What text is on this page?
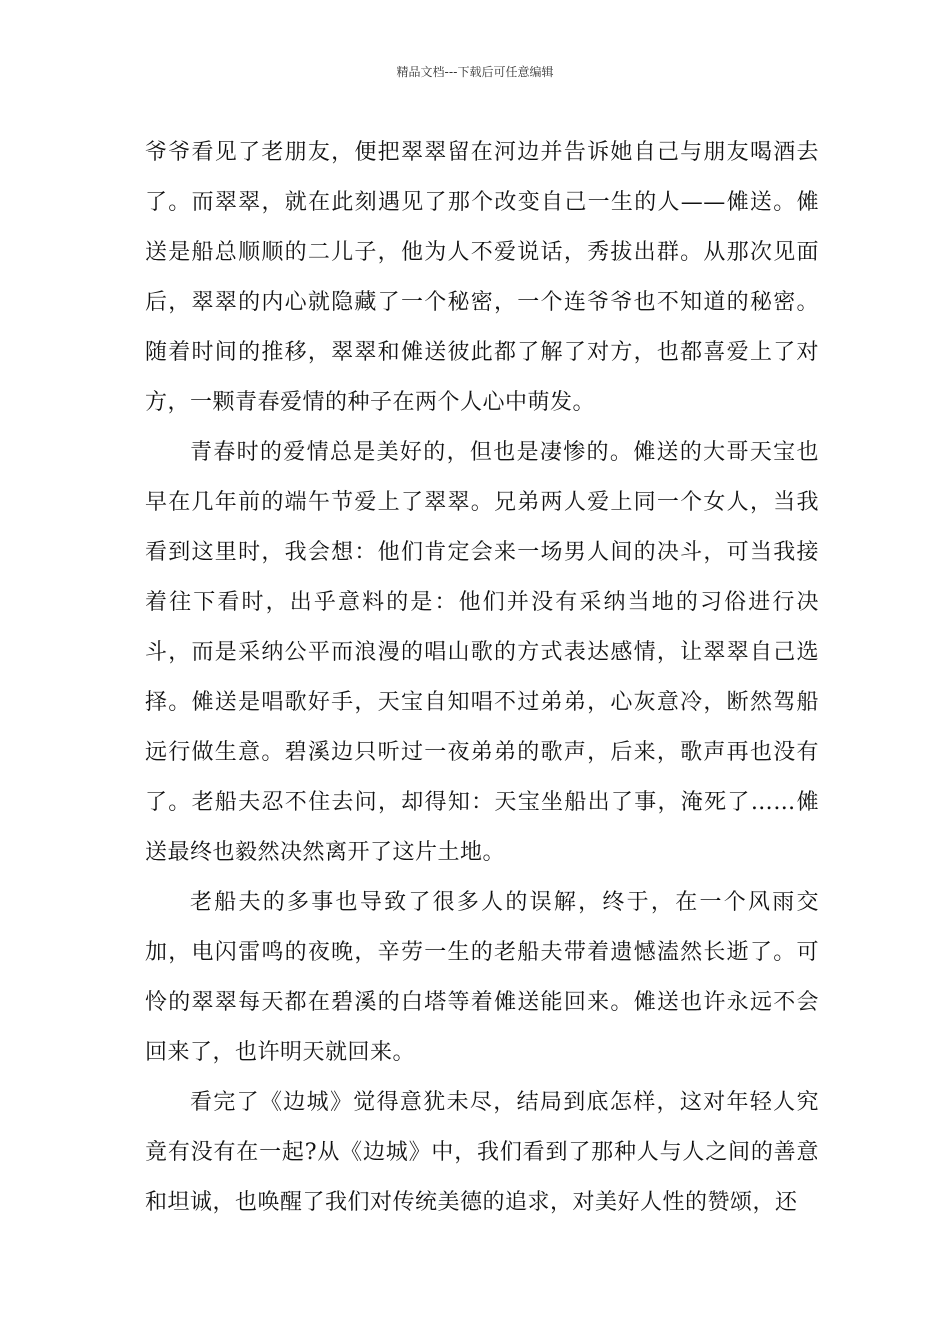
精品文档---下载后可任意编辑

爷爷看见了老朋友，便把翠翠留在河边并告诉她自己与朋友喝酒去了。而翠翠，就在此刻遇见了那个改变自己一生的人——傩送。傩送是船总顺顺的二儿子，他为人不爱说话，秀拔出群。从那次见面后，翠翠的内心就隐藏了一个秘密，一个连爷爷也不知道的秘密。随着时间的推移，翠翠和傩送彼此都了解了对方，也都喜爱上了对方，一颗青春爱情的种子在两个人心中萌发。

青春时的爱情总是美好的，但也是凄惨的。傩送的大哥天宝也早在几年前的端午节爱上了翠翠。兄弟两人爱上同一个女人，当我看到这里时，我会想：他们肯定会来一场男人间的决斗，可当我接着往下看时，出乎意料的是：他们并没有采纳当地的习俗进行决斗，而是采纳公平而浪漫的唱山歌的方式表达感情，让翠翠自己选择。傩送是唱歌好手，天宝自知唱不过弟弟，心灰意冷，断然驾船远行做生意。碧溪边只听过一夜弟弟的歌声，后来，歌声再也没有了。老船夫忍不住去问，却得知：天宝坐船出了事，淹死了……傩送最终也毅然决然离开了这片土地。

老船夫的多事也导致了很多人的误解，终于，在一个风雨交加，电闪雷鸣的夜晚，辛劳一生的老船夫带着遗憾溘然长逝了。可怜的翠翠每天都在碧溪的白塔等着傩送能回来。傩送也许永远不会回来了，也许明天就回来。

看完了《边城》觉得意犹未尽，结局到底怎样，这对年轻人究竟有没有在一起?从《边城》中，我们看到了那种人与人之间的善意和坦诚，也唤醒了我们对传统美德的追求，对美好人性的赞颂，还
